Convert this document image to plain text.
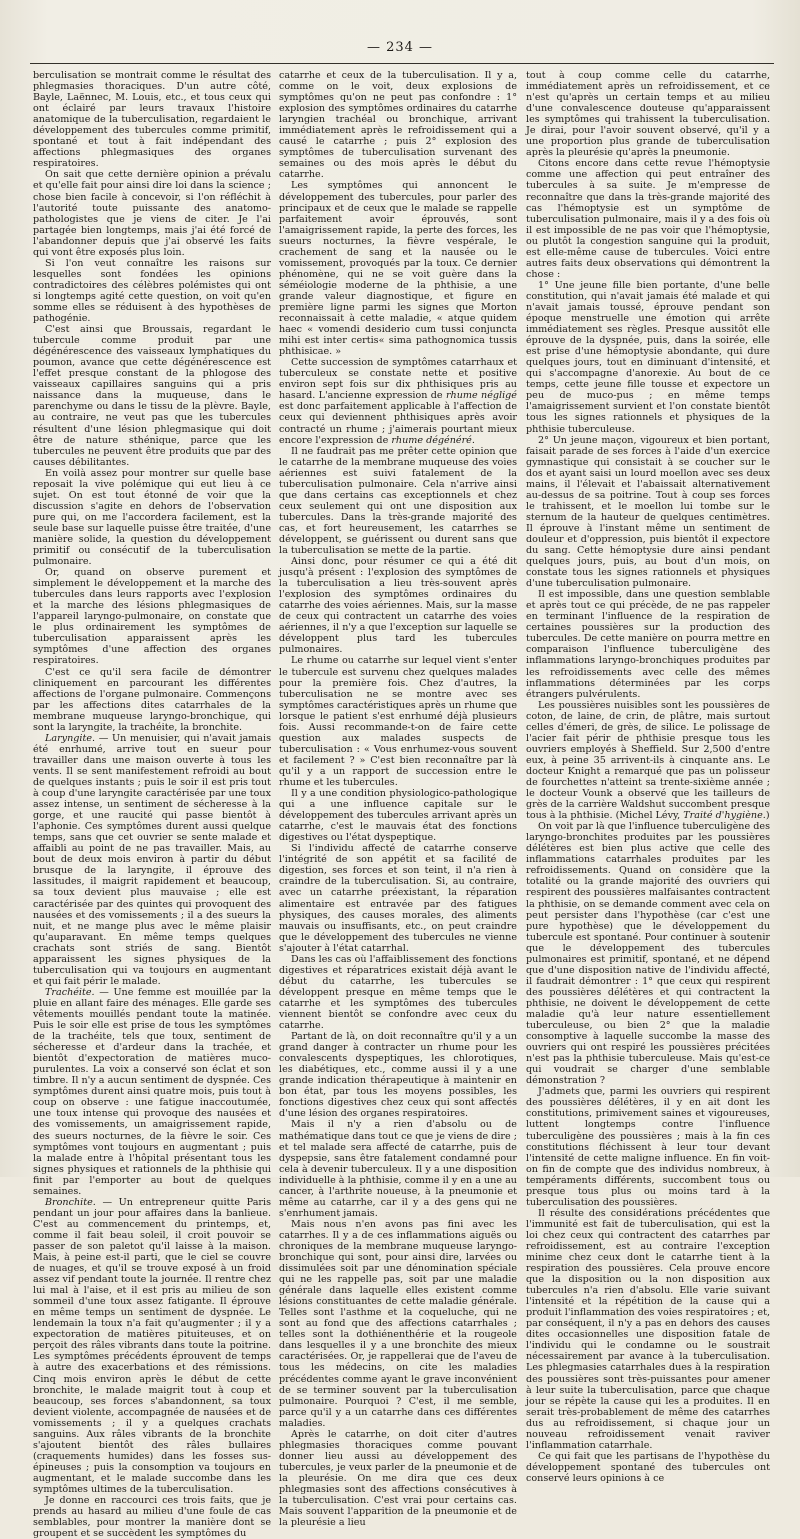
— 234 —

berculisation se montrait comme le résultat des phlegmasies thoraciques. D'un autre côté, Bayle, Laënnec, M. Louis, etc., et tous ceux qui ont éclairé par leurs travaux l'histoire anatomique de la tuberculisation, regardaient le développement des tubercules comme primitif, spontané et tout à fait indépendant des affections phlegmasiques des organes respiratoires.

On sait que cette dernière opinion a prévalu et qu'elle fait pour ainsi dire loi dans la science ; chose bien facile à concevoir, si l'on réfléchit à l'autorité toute puissante des anatomo-pathologistes que je viens de citer. Je l'ai partagée bien longtemps, mais j'ai été forcé de l'abandonner depuis que j'ai observé les faits qui vont être exposés plus loin.

Si l'on veut connaître les raisons sur lesquelles sont fondées les opinions contradictoires des célèbres polémistes qui ont si longtemps agité cette question, on voit qu'en somme elles se réduisent à des hypothèses de pathogénie.

C'est ainsi que Broussais, regardant le tubercule comme produit par une dégénérescence des vaisseaux lymphatiques du poumon, avance que cette dégénérescence est l'effet presque constant de la phlogose des vaisseaux capillaires sanguins qui a pris naissance dans la muqueuse, dans le parenchyme ou dans le tissu de la plèvre. Bayle, au contraire, ne veut pas que les tubercules résultent d'une lésion phlegmasique qui doit être de nature sthénique, parce que les tubercules ne peuvent être produits que par des causes débilitantes.

En voilà assez pour montrer sur quelle base reposait la vive polémique qui eut lieu à ce sujet. On est tout étonné de voir que la discussion s'agite en dehors de l'observation pure qui, on me l'accordera facilement, est la seule base sur laquelle puisse être traitée, d'une manière solide, la question du développement primitif ou consécutif de la tuberculisation pulmonaire.

Or, quand on observe purement et simplement le développement et la marche des tubercules dans leurs rapports avec l'explosion et la marche des lésions phlegmasiques de l'appareil laryngo-pulmonaire, on constate que le plus ordinairement les symptômes de tuberculisation apparaissent après les symptômes d'une affection des organes respiratoires.

C'est ce qu'il sera facile de démontrer cliniquement en parcourant les différentes affections de l'organe pulmonaire. Commençons par les affections dites catarrhales de la membrane muqueuse laryngo-bronchique, qui sont la laryngite, la trachéite, la bronchite.

Laryngite. — Un menuisier, qui n'avait jamais été enrhumé, arrive tout en sueur pour travailler dans une maison ouverte à tous les vents. Il se sent manifestement refroidi au bout de quelques instants ; puis le soir il est pris tout à coup d'une laryngite caractérisée par une toux assez intense, un sentiment de sécheresse à la gorge, et une raucité qui passe bientôt à l'aphonie. Ces symptômes durent aussi quelque temps, sans que cet ouvrier se sente malade et affaibli au point de ne pas travailler. Mais, au bout de deux mois environ à partir du début brusque de la laryngite, il éprouve des lassitudes, il maigrit rapidement et beaucoup, sa toux devient plus mauvaise ; elle est caractérisée par des quintes qui provoquent des nausées et des vomissements ; il a des sueurs la nuit, et ne mange plus avec le même plaisir qu'auparavant. En même temps quelques crachats sont striés de sang. Bientôt apparaissent les signes physiques de la tuberculisation qui va toujours en augmentant et qui fait périr le malade.

Trachéite. — Une femme est mouillée par la pluie en allant faire des ménages. Elle garde ses vêtements mouillés pendant toute la matinée. Puis le soir elle est prise de tous les symptômes de la trachéite, tels que toux, sentiment de sécheresse et d'ardeur dans la trachée, et bientôt d'expectoration de matières muco-purulentes. La voix a conservé son éclat et son timbre. Il n'y a aucun sentiment de dyspnée. Ces symptômes durent ainsi quatre mois, puis tout à coup on observe : une fatigue inaccoutumée, une toux intense qui provoque des nausées et des vomissements, un amaigrissement rapide, des sueurs nocturnes, de la fièvre le soir. Ces symptômes vont toujours en augmentant ; puis la malade entre à l'hôpital présentant tous les signes physiques et rationnels de la phthisie qui finit par l'emporter au bout de quelques semaines.

Bronchite. — Un entrepreneur quitte Paris pendant un jour pour affaires dans la banlieue. C'est au commencement du printemps, et, comme il fait beau soleil, il croit pouvoir se passer de son paletot qu'il laisse à la maison. Mais, à peine est-il parti, que le ciel se couvre de nuages, et qu'il se trouve exposé à un froid assez vif pendant toute la journée. Il rentre chez lui mal à l'aise, et il est pris au milieu de son sommeil d'une toux assez fatigante. Il éprouve en même temps un sentiment de dyspnée. Le lendemain la toux n'a fait qu'augmenter ; il y a expectoration de matières pituiteuses, et on perçoit des râles vibrants dans toute la poitrine. Les symptômes précédents éprouvent de temps à autre des exacerbations et des rémissions. Cinq mois environ après le début de cette bronchite, le malade maigrit tout à coup et beaucoup, ses forces s'abandonnent, sa toux devient violente, accompagnée de nausées et de vomissements ; il y a quelques crachats sanguins. Aux râles vibrants de la bronchite s'ajoutent bientôt des râles bullaires (craquements humides) dans les fosses sus-épineuses ; puis la consomption va toujours en augmentant, et le malade succombe dans les symptômes ultimes de la tuberculisation.

Je donne en raccourci ces trois faits, que je prends au hasard au milieu d'une foule de cas semblables, pour montrer la manière dont se groupent et se succèdent les symptômes du

catarrhe et ceux de la tuberculisation. Il y a, comme on le voit, deux explosions de symptômes qu'on ne peut pas confondre : 1° explosion des symptômes ordinaires du catarrhe laryngien trachéal ou bronchique, arrivant immédiatement après le refroidissement qui a causé le catarrhe ; puis 2° explosion des symptômes de tuberculisation survenant des semaines ou des mois après le début du catarrhe.

Les symptômes qui annoncent le développement des tubercules, pour parler des principaux et de ceux que le malade se rappelle parfaitement avoir éprouvés, sont l'amaigrissement rapide, la perte des forces, les sueurs nocturnes, la fièvre vespérale, le crachement de sang et la nausée ou le vomissement, provoqués par la toux. Ce dernier phénomène, qui ne se voit guère dans la séméiologie moderne de la phthisie, a une grande valeur diagnostique, et figure en première ligne parmi les signes que Morton reconnaissait à cette maladie, « atque quidem haec « vomendi desiderio cum tussi conjuncta mihi est inter certis« sima pathognomica tussis phthisicae. »

Cette succession de symptômes catarrhaux et tuberculeux se constate nette et positive environ sept fois sur dix phthisiques pris au hasard. L'ancienne expression de rhume négligé est donc parfaitement applicable à l'affection de ceux qui deviennent phthisiques après avoir contracté un rhume ; j'aimerais pourtant mieux encore l'expression de rhume dégénéré.

Il ne faudrait pas me prêter cette opinion que le catarrhe de la membrane muqueuse des voies aériennes est suivi fatalement de la tuberculisation pulmonaire. Cela n'arrive ainsi que dans certains cas exceptionnels et chez ceux seulement qui ont une disposition aux tubercules. Dans la très-grande majorité des cas, et fort heureusement, les catarrhes se développent, se guérissent ou durent sans que la tuberculisation se mette de la partie.

Ainsi donc, pour résumer ce qui a été dit jusqu'à présent : l'explosion des symptômes de la tuberculisation a lieu très-souvent après l'explosion des symptômes ordinaires du catarrhe des voies aériennes. Mais, sur la masse de ceux qui contractent un catarrhe des voies aériennes, il n'y a que l'exception sur laquelle se développent plus tard les tubercules pulmonaires.

Le rhume ou catarrhe sur lequel vient s'enter le tubercule est survenu chez quelques malades pour la première fois. Chez d'autres, la tuberculisation ne se montre avec ses symptômes caractéristiques après un rhume que lorsque le patient s'est enrhumé déjà plusieurs fois. Aussi recommande-t-on de faire cette question aux malades suspects de tuberculisation : « Vous enrhumez-vous souvent et facilement ? » C'est bien reconnaître par là qu'il y a un rapport de succession entre le rhume et les tubercules.

Il y a une condition physiologico-pathologique qui a une influence capitale sur le développement des tubercules arrivant après un catarrhe, c'est le mauvais état des fonctions digestives ou l'état dyspeptique.

Si l'individu affecté de catarrhe conserve l'intégrité de son appétit et sa facilité de digestion, ses forces et son teint, il n'a rien à craindre de la tuberculisation. Si, au contraire, avec un catarrhe préexistant, la réparation alimentaire est entravée par des fatigues physiques, des causes morales, des aliments mauvais ou insuffisants, etc., on peut craindre que le développement des tubercules ne vienne s'ajouter à l'état catarrhal.

Dans les cas où l'affaiblissement des fonctions digestives et réparatrices existait déjà avant le début du catarrhe, les tubercules se développent presque en même temps que le catarrhe et les symptômes des tubercules viennent bientôt se confondre avec ceux du catarrhe.

Partant de là, on doit reconnaître qu'il y a un grand danger à contracter un rhume pour les convalescents dyspeptiques, les chlorotiques, les diabétiques, etc., comme aussi il y a une grande indication thérapeutique à maintenir en bon état, par tous les moyens possibles, les fonctions digestives chez ceux qui sont affectés d'une lésion des organes respiratoires.

Mais il n'y a rien d'absolu ou de mathématique dans tout ce que je viens de dire ; et tel malade sera affecté de catarrhe, puis de dyspepsie, sans être fatalement condamné pour cela à devenir tuberculeux. Il y a une disposition individuelle à la phthisie, comme il y en a une au cancer, à l'arthrite noueuse, à la pneumonie et même au catarrhe, car il y a des gens qui ne s'enrhument jamais.

Mais nous n'en avons pas fini avec les catarrhes. Il y a de ces inflammations aiguës ou chroniques de la membrane muqueuse laryngo-bronchique qui sont, pour ainsi dire, larvées ou dissimulées soit par une dénomination spéciale qui ne les rappelle pas, soit par une maladie générale dans laquelle elles existent comme lésions constituantes de cette maladie générale. Telles sont l'asthme et la coqueluche, qui ne sont au fond que des affections catarrhales ; telles sont la dothiénenthérie et la rougeole dans lesquelles il y a une bronchite des mieux caractérisées. Or, je rappellerai que de l'aveu de tous les médecins, on cite les maladies précédentes comme ayant le grave inconvénient de se terminer souvent par la tuberculisation pulmonaire. Pourquoi ? C'est, il me semble, parce qu'il y a un catarrhe dans ces différentes maladies.

Après le catarrhe, on doit citer d'autres phlegmasies thoraciques comme pouvant donner lieu aussi au développement des tubercules, je veux parler de la pneumonie et de la pleurésie. On me dira que ces deux phlegmasies sont des affections consécutives à la tuberculisation. C'est vrai pour certains cas. Mais souvent l'apparition de la pneumonie et de la pleurésie a lieu

tout à coup comme celle du catarrhe, immédiatement après un refroidissement, et ce n'est qu'après un certain temps et au milieu d'une convalescence douteuse qu'apparaissent les symptômes qui trahissent la tuberculisation. Je dirai, pour l'avoir souvent observé, qu'il y a une proportion plus grande de tuberculisation après la pleurésie qu'après la pneumonie.

Citons encore dans cette revue l'hémoptysie comme une affection qui peut entraîner des tubercules à sa suite. Je m'empresse de reconnaître que dans la très-grande majorité des cas l'hémoptysie est un symptôme de tuberculisation pulmonaire, mais il y a des fois où il est impossible de ne pas voir que l'hémoptysie, ou plutôt la congestion sanguine qui la produit, est elle-même cause de tubercules. Voici entre autres faits deux observations qui démontrent la chose :

1° Une jeune fille bien portante, d'une belle constitution, qui n'avait jamais été malade et qui n'avait jamais toussé, éprouve pendant son époque menstruelle une émotion qui arrête immédiatement ses règles. Presque aussitôt elle éprouve de la dyspnée, puis, dans la soirée, elle est prise d'une hémoptysie abondante, qui dure quelques jours, tout en diminuant d'intensité, et qui s'accompagne d'anorexie. Au bout de ce temps, cette jeune fille tousse et expectore un peu de muco-pus ; en même temps l'amaigrissement survient et l'on constate bientôt tous les signes rationnels et physiques de la phthisie tuberculeuse.

2° Un jeune maçon, vigoureux et bien portant, faisait parade de ses forces à l'aide d'un exercice gymnastique qui consistait à se coucher sur le dos et ayant saisi un lourd moellon avec ses deux mains, il l'élevait et l'abaissait alternativement au-dessus de sa poitrine. Tout à coup ses forces le trahissent, et le moellon lui tombe sur le sternum de la hauteur de quelques centimètres. Il éprouve à l'instant même un sentiment de douleur et d'oppression, puis bientôt il expectore du sang. Cette hémoptysie dure ainsi pendant quelques jours, puis, au bout d'un mois, on constate tous les signes rationnels et physiques d'une tuberculisation pulmonaire.

Il est impossible, dans une question semblable et après tout ce qui précède, de ne pas rappeler en terminant l'influence de la respiration de certaines poussières sur la production des tubercules. De cette manière on pourra mettre en comparaison l'influence tuberculigène des inflammations laryngo-bronchiques produites par les refroidissements avec celle des mêmes inflammations déterminées par les corps étrangers pulvérulents.

Les poussières nuisibles sont les poussières de coton, de laine, de crin, de plâtre, mais surtout celles d'émeri, de grès, de silice. Le polissage de l'acier fait périr de phthisie presque tous les ouvriers employés à Sheffield. Sur 2,500 d'entre eux, à peine 35 arrivent-ils à cinquante ans. Le docteur Knight a remarqué que pas un polisseur de fourchettes n'atteint sa trente-sixième année ; le docteur Vounk a observé que les tailleurs de grès de la carrière Waldshut succombent presque tous à la phthisie. (Michel Lévy, Traité d'hygiène.)

On voit par là que l'influence tuberculigène des laryngo-bronchites produites par les poussières délétères est bien plus active que celle des inflammations catarrhales produites par les refroidissements. Quand on considère que la totalité ou la grande majorité des ouvriers qui respirent des poussières malfaisantes contractent la phthisie, on se demande comment avec cela on peut persister dans l'hypothèse (car c'est une pure hypothèse) que le développement du tubercule est spontané. Pour continuer à soutenir que le développement des tubercules pulmonaires est primitif, spontané, et ne dépend que d'une disposition native de l'individu affecté, il faudrait démontrer : 1° que ceux qui respirent des poussières délétères et qui contractent la phthisie, ne doivent le développement de cette maladie qu'à leur nature essentiellement tuberculeuse, ou bien 2° que la maladie consomptive à laquelle succombe la masse des ouvriers qui ont respiré les poussières précitées n'est pas la phthisie tuberculeuse. Mais qu'est-ce qui voudrait se charger d'une semblable démonstration ?

J'admets que, parmi les ouvriers qui respirent des poussières délétères, il y en ait dont les constitutions, primivement saines et vigoureuses, luttent longtemps contre l'influence tuberculigène des poussières ; mais à la fin ces constitutions fléchissent à leur tour devant l'intensité de cette maligne influence. En fin voit-on fin de compte que des individus nombreux, à tempéraments différents, succombent tous ou presque tous plus ou moins tard à la tuberculisation des poussières.

Il résulte des considérations précédentes que l'immunité est fait de tuberculisation, qui est la loi chez ceux qui contractent des catarrhes par refroidissement, est au contraire l'exception minime chez ceux dont le catarrhe tient à la respiration des poussières. Cela prouve encore que la disposition ou la non disposition aux tubercules n'a rien d'absolu. Elle varie suivant l'intensité et la répétition de la cause qui a produit l'inflammation des voies respiratoires ; et, par conséquent, il n'y a pas en dehors des causes dites occasionnelles une disposition fatale de l'individu qui le condamne ou le soustrait nécessairement par avance à la tuberculisation. Les phlegmasies catarrhales dues à la respiration des poussières sont très-puissantes pour amener à leur suite la tuberculisation, parce que chaque jour se répète la cause qui les a produites. Il en serait très-probablement de même des catarrhes dus au refroidissement, si chaque jour un nouveau refroidissement venait raviver l'inflammation catarrhale.

Ce qui fait que les partisans de l'hypothèse du développement spontané des tubercules ont conservé leurs opinions à ce
